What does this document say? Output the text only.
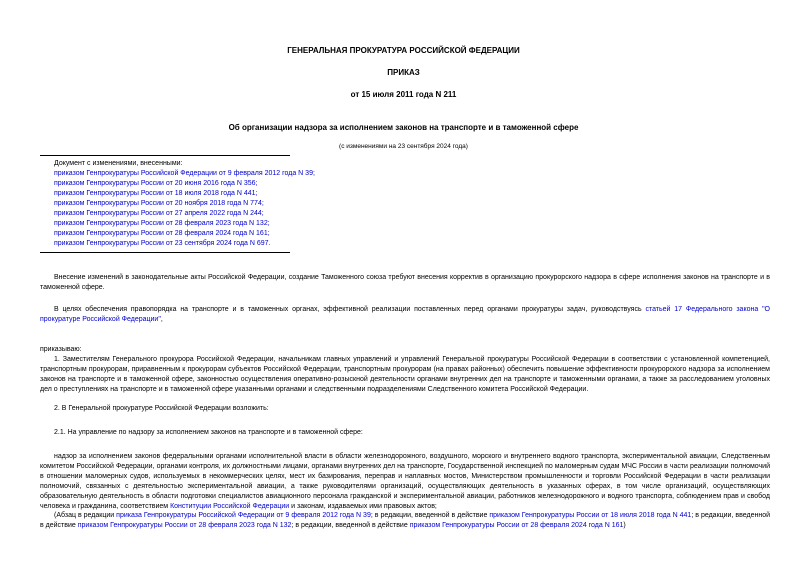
ГЕНЕРАЛЬНАЯ ПРОКУРАТУРА РОССИЙСКОЙ ФЕДЕРАЦИИ
ПРИКАЗ
от 15 июля 2011 года N 211
Об организации надзора за исполнением законов на транспорте и в таможенной сфере
(с изменениями на 23 сентября 2024 года)
Документ с изменениями, внесенными:
приказом Генпрокуратуры Российской Федерации от 9 февраля 2012 года N 39;
приказом Генпрокуратуры России от 20 июня 2016 года N 356;
приказом Генпрокуратуры России от 18 июля 2018 года N 441;
приказом Генпрокуратуры России от 20 ноября 2018 года N 774;
приказом Генпрокуратуры России от 27 апреля 2022 года N 244;
приказом Генпрокуратуры России от 28 февраля 2023 года N 132;
приказом Генпрокуратуры России от 28 февраля 2024 года N 161;
приказом Генпрокуратуры России от 23 сентября 2024 года N 697.
Внесение изменений в законодательные акты Российской Федерации, создание Таможенного союза требуют внесения корректив в организацию прокурорского надзора в сфере исполнения законов на транспорте и в таможенной сфере.
В целях обеспечения правопорядка на транспорте и в таможенных органах, эффективной реализации поставленных перед органами прокуратуры задач, руководствуясь статьей 17 Федерального закона "О прокуратуре Российской Федерации",
приказываю:
1. Заместителям Генерального прокурора Российской Федерации, начальникам главных управлений и управлений Генеральной прокуратуры Российской Федерации в соответствии с установленной компетенцией, транспортным прокурорам, приравненным к прокурорам субъектов Российской Федерации, транспортным прокурорам (на правах районных) обеспечить повышение эффективности прокурорского надзора за исполнением законов на транспорте и в таможенной сфере, законностью осуществления оперативно-розыскной деятельности органами внутренних дел на транспорте и таможенными органами, а также за расследованием уголовных дел о преступлениях на транспорте и в таможенной сфере указанными органами и следственными подразделениями Следственного комитета Российской Федерации.
2. В Генеральной прокуратуре Российской Федерации возложить:
2.1. На управление по надзору за исполнением законов на транспорте и в таможенной сфере:
надзор за исполнением законов федеральными органами исполнительной власти в области железнодорожного, воздушного, морского и внутреннего водного транспорта, экспериментальной авиации, Следственным комитетом Российской Федерации, органами контроля, их должностными лицами, органами внутренних дел на транспорте, Государственной инспекцией по маломерным судам МЧС России в части реализации полномочий в отношении маломерных судов, используемых в некоммерческих целях, мест их базирования, переправ и наплавных мостов, Министерством промышленности и торговли Российской Федерации в части реализации полномочий, связанных с деятельностью экспериментальной авиации, а также руководителями организаций, осуществляющих деятельность в указанных сферах, в том числе организаций, осуществляющих образовательную деятельность в области подготовки специалистов авиационного персонала гражданской и экспериментальной авиации, работников железнодорожного и водного транспорта, соблюдением прав и свобод человека и гражданина, соответствием Конституции Российской Федерации и законам, издаваемых ими правовых актов;
(Абзац в редакции приказа Генпрокуратуры Российской Федерации от 9 февраля 2012 года N 39; в редакции, введенной в действие приказом Генпрокуратуры России от 18 июля 2018 года N 441; в редакции, введенной в действие приказом Генпрокуратуры России от 28 февраля 2023 года N 132; в редакции, введенной в действие приказом Генпрокуратуры России от 28 февраля 2024 года N 161)
